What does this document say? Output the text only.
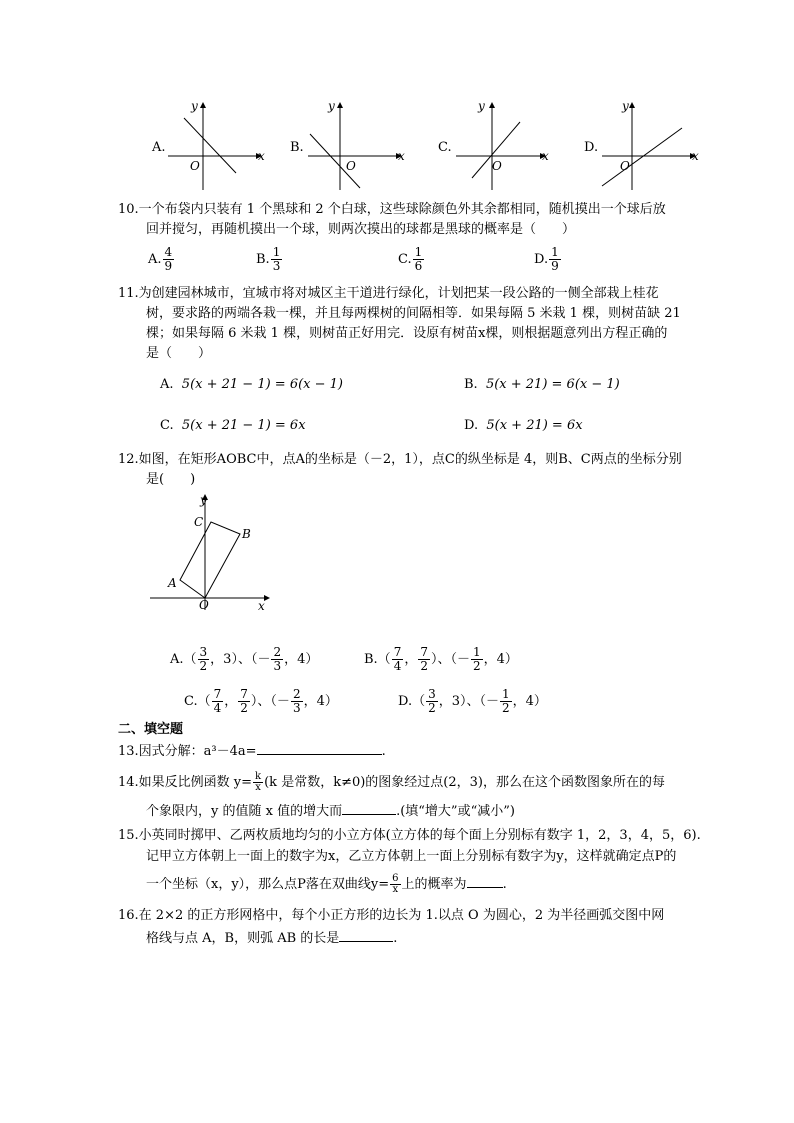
A.
O
x
y
B.
O
x
y
C.
O
x
y
D.
O
x
y
10.一个布袋内只装有 1 个黑球和 2 个白球，这些球除颜色外其余都相同，随机摸出一个球后放
回并搅匀，再随机摸出一个球，则两次摸出的球都是黑球的概率是（　　）
A. $\frac{4}{9}$	B. $\frac{1}{3}$	C. $\frac{1}{6}$	D. $\frac{1}{9}$
11.为创建园林城市，宜城市将对城区主干道进行绿化，计划把某一段公路的一侧全部栽上桂花
树，要求路的两端各栽一棵，并且每两棵树的间隔相等．如果每隔 5 米栽 1 棵，则树苗缺 21
棵；如果每隔 6 米栽 1 棵，则树苗正好用完．设原有树苗x棵，则根据题意列出方程正确的
是（　　）
A. 5(x + 21 − 1) = 6(x − 1)	B. 5(x + 21) = 6(x − 1)
C. 5(x + 21 − 1) = 6x	D. 5(x + 21) = 6x
12.如图，在矩形AOBC中，点A的坐标是（－2，1），点C的纵坐标是 4，则B、C两点的坐标分别
是(　　)
O	x
y
A
B
C
$A.( \frac{3}{2}$ ，3）、（－ $\frac{2}{3}$ ，4）	$B.( \frac{7}{4}$ ， $\frac{7}{2}$ ）、（－ $\frac{1}{2}$ ，4）
$C.( \frac{7}{4}$ ， $\frac{7}{2}$ ）、（－ $\frac{2}{3}$ ，4）	$D.( \frac{3}{2}$ ，3）、（－ $\frac{1}{2}$ ，4）
二、填空题
13.因式分解：a³－4a=	.
14.如果反比例函数 $y= \frac{k}{x} (k$ 是常数，k≠0)的图象经过点(2，3)，那么在这个函数图象所在的每
个象限内，y 的值随 x 值的增大而	.(填“增大”或“减小”)
15.小英同时掷甲、乙两枚质地均匀的小立方体(立方体的每个面上分别标有数字 1，2，3，4，5，6).
记甲立方体朝上一面上的数字为x，乙立方体朝上一面上分别标有数字为y，这样就确定点P的
一个坐标（x，y），那么点P落在双曲线$y= \frac{6}{x}$ 上的概率为	.
16.在 2×2 的正方形网格中，每个小正方形的边长为 1.以点 O 为圆心，2 为半径画弧交图中网
格线与点 A，B，则弧 AB 的长是	.
